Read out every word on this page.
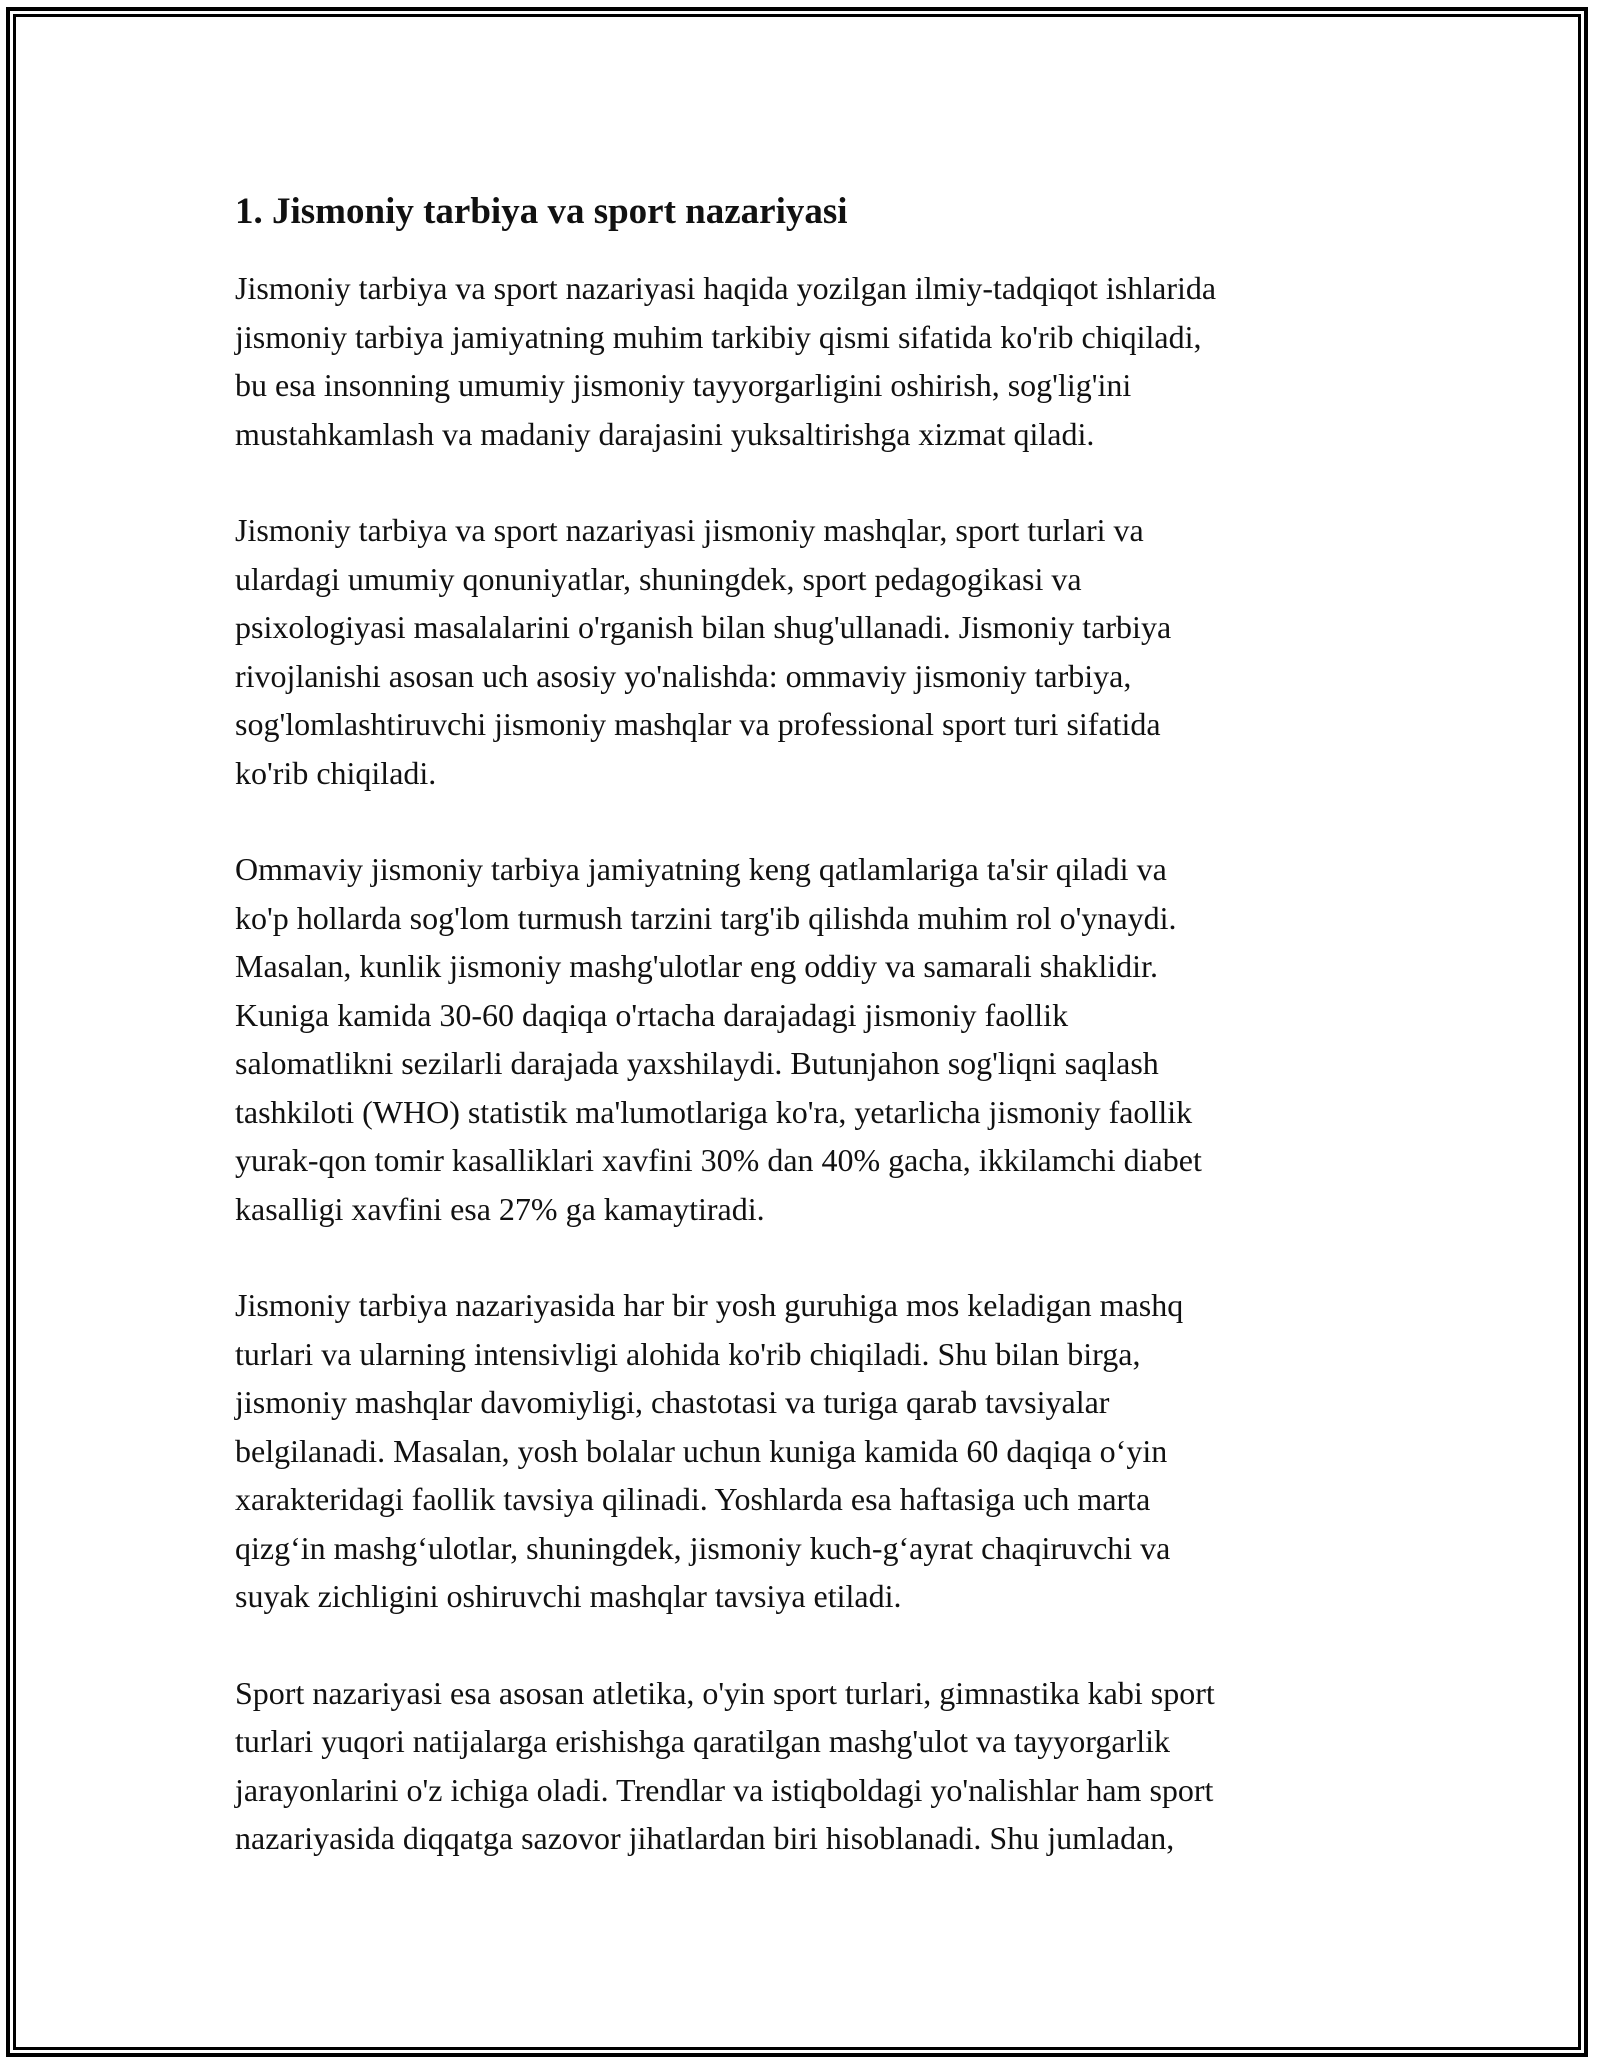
1. Jismoniy tarbiya va sport nazariyasi
Jismoniy tarbiya va sport nazariyasi haqida yozilgan ilmiy-tadqiqot ishlarida
jismoniy tarbiya jamiyatning muhim tarkibiy qismi sifatida ko'rib chiqiladi,
bu esa insonning umumiy jismoniy tayyorgarligini oshirish, sog'lig'ini
mustahkamlash va madaniy darajasini yuksaltirishga xizmat qiladi.
Jismoniy tarbiya va sport nazariyasi jismoniy mashqlar, sport turlari va
ulardagi umumiy qonuniyatlar, shuningdek, sport pedagogikasi va
psixologiyasi masalalarini o'rganish bilan shug'ullanadi. Jismoniy tarbiya
rivojlanishi asosan uch asosiy yo'nalishda: ommaviy jismoniy tarbiya,
sog'lomlashtiruvchi jismoniy mashqlar va professional sport turi sifatida
ko'rib chiqiladi.
Ommaviy jismoniy tarbiya jamiyatning keng qatlamlariga ta'sir qiladi va
ko'p hollarda sog'lom turmush tarzini targ'ib qilishda muhim rol o'ynaydi.
Masalan, kunlik jismoniy mashg'ulotlar eng oddiy va samarali shaklidir.
Kuniga kamida 30-60 daqiqa o'rtacha darajadagi jismoniy faollik
salomatlikni sezilarli darajada yaxshilaydi. Butunjahon sog'liqni saqlash
tashkiloti (WHO) statistik ma'lumotlariga ko'ra, yetarlicha jismoniy faollik
yurak-qon tomir kasalliklari xavfini 30% dan 40% gacha, ikkilamchi diabet
kasalligi xavfini esa 27% ga kamaytiradi.
Jismoniy tarbiya nazariyasida har bir yosh guruhiga mos keladigan mashq
turlari va ularning intensivligi alohida ko'rib chiqiladi. Shu bilan birga,
jismoniy mashqlar davomiyligi, chastotasi va turiga qarab tavsiyalar
belgilanadi. Masalan, yosh bolalar uchun kuniga kamida 60 daqiqa o‘yin
xarakteridagi faollik tavsiya qilinadi. Yoshlarda esa haftasiga uch marta
qizg‘in mashg‘ulotlar, shuningdek, jismoniy kuch-g‘ayrat chaqiruvchi va
suyak zichligini oshiruvchi mashqlar tavsiya etiladi.
Sport nazariyasi esa asosan atletika, o'yin sport turlari, gimnastika kabi sport
turlari yuqori natijalarga erishishga qaratilgan mashg'ulot va tayyorgarlik
jarayonlarini o'z ichiga oladi. Trendlar va istiqboldagi yo'nalishlar ham sport
nazariyasida diqqatga sazovor jihatlardan biri hisoblanadi. Shu jumladan,
